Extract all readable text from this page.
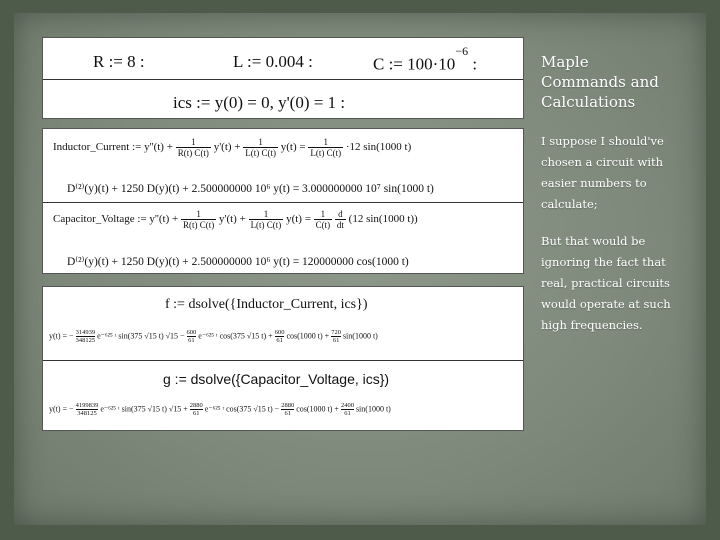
R := 8 :	L := 0.004 :	C := $100\cdot 10^{-6}$ :
ics := y(0) = 0, y'(0) = 1 :
Inductor_Current := $y''(t) + \frac{1}{R(t) C(t)} y'(t) + \frac{1}{L(t) C(t)} y(t) = \frac{1}{L(t) C(t)} \cdot 12$ sin(1000 t)
D⁽²⁾(y)(t) + 1250 D(y)(t) + 2.500000000 10⁶ y(t) = 3.000000000 10⁷ sin(1000 t)
Capacitor_Voltage := $y''(t) + \frac{1}{R(t) C(t)} y'(t) + \frac{1}{L(t) C(t)} y(t) = \frac{1}{C(t)}$
$\frac{d}{dt} (12$ sin(1000 t))
D⁽²⁾(y)(t) + 1250 D(y)(t) + 2.500000000 10⁶ y(t) = 120000000 cos(1000 t)
f := dsolve({Inductor_Current, ics})
y(t) = − $\frac{314939}{348125} e^{-625}$ ᵗ sin(375 √15 t) $√15 - \frac{600}{61} e^{-625}$ ᵗ cos(375 √15 $t) + \frac{600}{61} \cos(1000$ $t) + \frac{720}{61} \sin(1000$ t)
g := dsolve({Capacitor_Voltage, ics})
y(t) = − $\frac{4199839}{348125} e^{-625}$ ᵗ sin(375 √15 t) $√15 + \frac{2880}{61} e^{-625}$ ᵗ cos(375 √15 $t) - \frac{2880}{61} \cos(1000$ $t) + \frac{2400}{61} \sin(1000$ t)
Maple
Commands and
Calculations
I suppose I should've
chosen a circuit with
easier numbers to
calculate;
But that would be
ignoring the fact that
real, practical circuits
would operate at such
high frequencies.
